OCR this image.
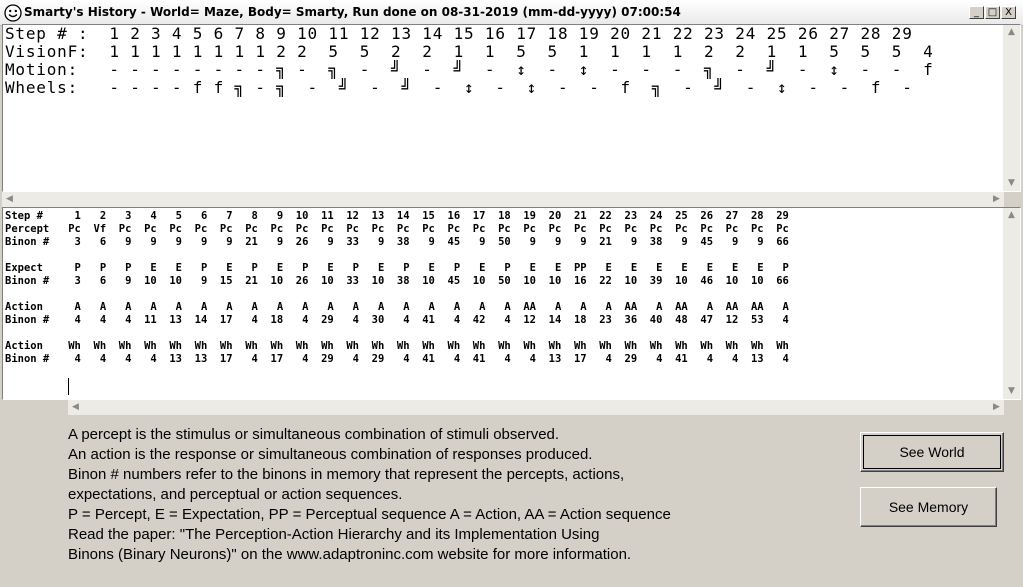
Smarty's History - World= Maze, Body= Smarty, Run done on 08-31-2019 (mm-dd-yyyy) 07:00:54	_ □ X
Step # :  1 2 3 4 5 6 7 8 9 10 11 12 13 14 15 16 17 18 19 20 21 22 23 24 25 26 27 28 29
VisionF:  1 1 1 1 1 1 1 1 2 2  5  5  2  2  1  1  5  5  1  1  1  1  2  2  1  1  5  5  5  4
Motion:   - - - - - - - - ╗ -  ╗  -  ╝  -  ╝  -  ↕  -  ↕  -  -  -  ╗  -  ╝  -  ↕  -  -  f
Wheels:   - - - - f f ╗ - ╗  -  ╝  -  ╝  -  ↕  -  ↕  -  -  f  ╗  -  ╝  -  ↕  -  -  f  -
▲
▼
◀	▶
Step #     1   2   3   4   5   6   7   8   9  10  11  12  13  14  15  16  17  18  19  20  21  22  23  24  25  26  27  28  29
Percept   Pc  Vf  Pc  Pc  Pc  Pc  Pc  Pc  Pc  Pc  Pc  Pc  Pc  Pc  Pc  Pc  Pc  Pc  Pc  Pc  Pc  Pc  Pc  Pc  Pc  Pc  Pc  Pc  Pc
Binon #    3   6   9   9   9   9   9  21   9  26   9  33   9  38   9  45   9  50   9   9   9  21   9  38   9  45   9   9  66
Expect     P   P   P   E   E   P   E   P   E   P   E   P   E   P   E   P   E   P   E   E  PP   E   E   E   E   E   E   E   P
Binon #    3   6   9  10  10   9  15  21  10  26  10  33  10  38  10  45  10  50  10  10  16  22  10  39  10  46  10  10  66
Action     A   A   A   A   A   A   A   A   A   A   A   A   A   A   A   A   A   A  AA   A   A   A  AA   A  AA   A  AA  AA   A
Binon #    4   4   4  11  13  14  17   4  18   4  29   4  30   4  41   4  42   4  12  14  18  23  36  40  48  47  12  53   4
Action    Wh  Wh  Wh  Wh  Wh  Wh  Wh  Wh  Wh  Wh  Wh  Wh  Wh  Wh  Wh  Wh  Wh  Wh  Wh  Wh  Wh  Wh  Wh  Wh  Wh  Wh  Wh  Wh  Wh
Binon #    4   4   4   4  13  13  17   4  17   4  29   4  29   4  41   4  41   4   4  13  17   4  29   4  41   4   4  13   4
▲
▼
◀	▶
A percept is the stimulus or simultaneous combination of stimuli observed.
An action is the response or simultaneous combination of responses produced.
Binon # numbers refer to the binons in memory that represent the percepts, actions,
expectations, and perceptual or action sequences.
P = Percept, E = Expectation, PP = Perceptual sequence A = Action, AA = Action sequence
Read the paper: "The Perception-Action Hierarchy and its Implementation Using
Binons (Binary Neurons)" on the www.adaptroninc.com website for more information.
See World
See Memory
